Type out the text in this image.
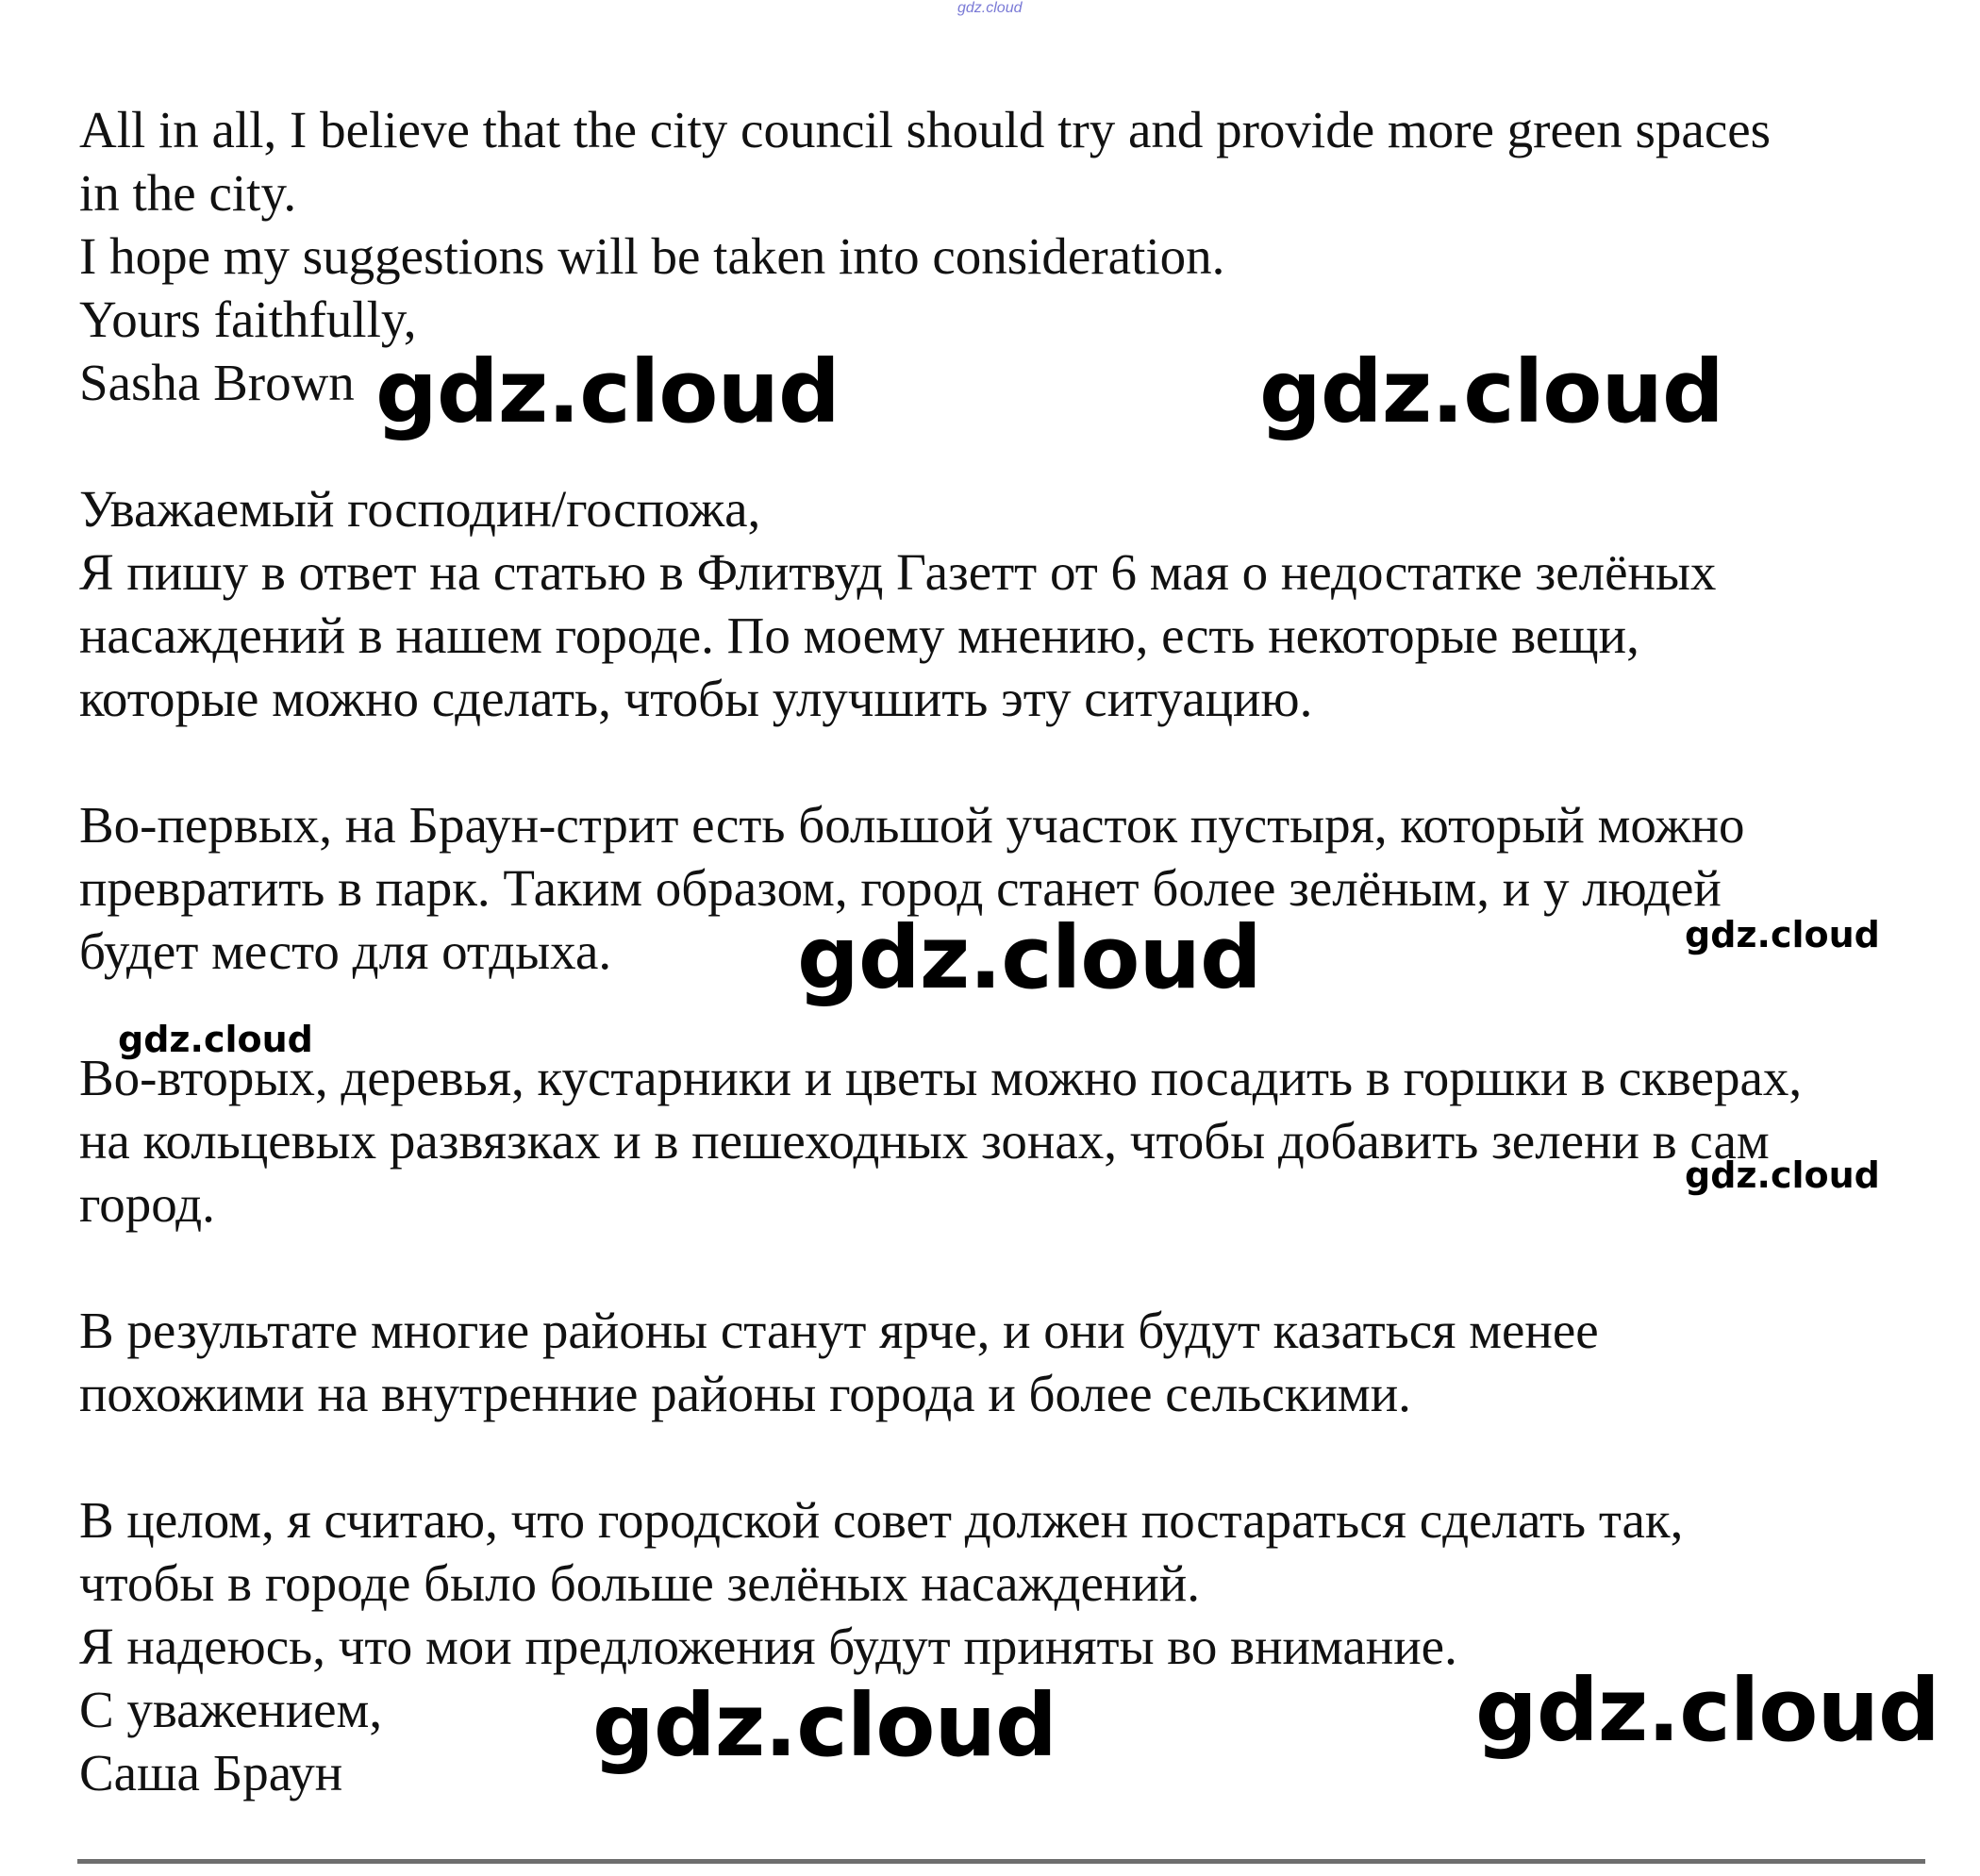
gdz.cloud

All in all, I believe that the city council should try and provide more green spaces

in the city.

I hope my suggestions will be taken into consideration.

Yours faithfully,

Sasha Brown

Уважаемый господин/госпожа,

Я пишу в ответ на статью в Флитвуд Газетт от 6 мая о недостатке зелёных

насаждений в нашем городе. По моему мнению, есть некоторые вещи,

которые можно сделать, чтобы улучшить эту ситуацию.

Во-первых, на Браун-стрит есть большой участок пустыря, который можно

превратить в парк. Таким образом, город станет более зелёным, и у людей

будет место для отдыха.

Во-вторых, деревья, кустарники и цветы можно посадить в горшки в скверах,

на кольцевых развязках и в пешеходных зонах, чтобы добавить зелени в сам

город.

В результате многие районы станут ярче, и они будут казаться менее

похожими на внутренние районы города и более сельскими.

В целом, я считаю, что городской совет должен постараться сделать так,

чтобы в городе было больше зелёных насаждений.

Я надеюсь, что мои предложения будут приняты во внимание.

С уважением,

Саша Браун

gdz.cloud	gdz.cloud
gdz.cloud	gdz.cloud
gdz.cloud
gdz.cloud
gdz.cloud	gdz.cloud
